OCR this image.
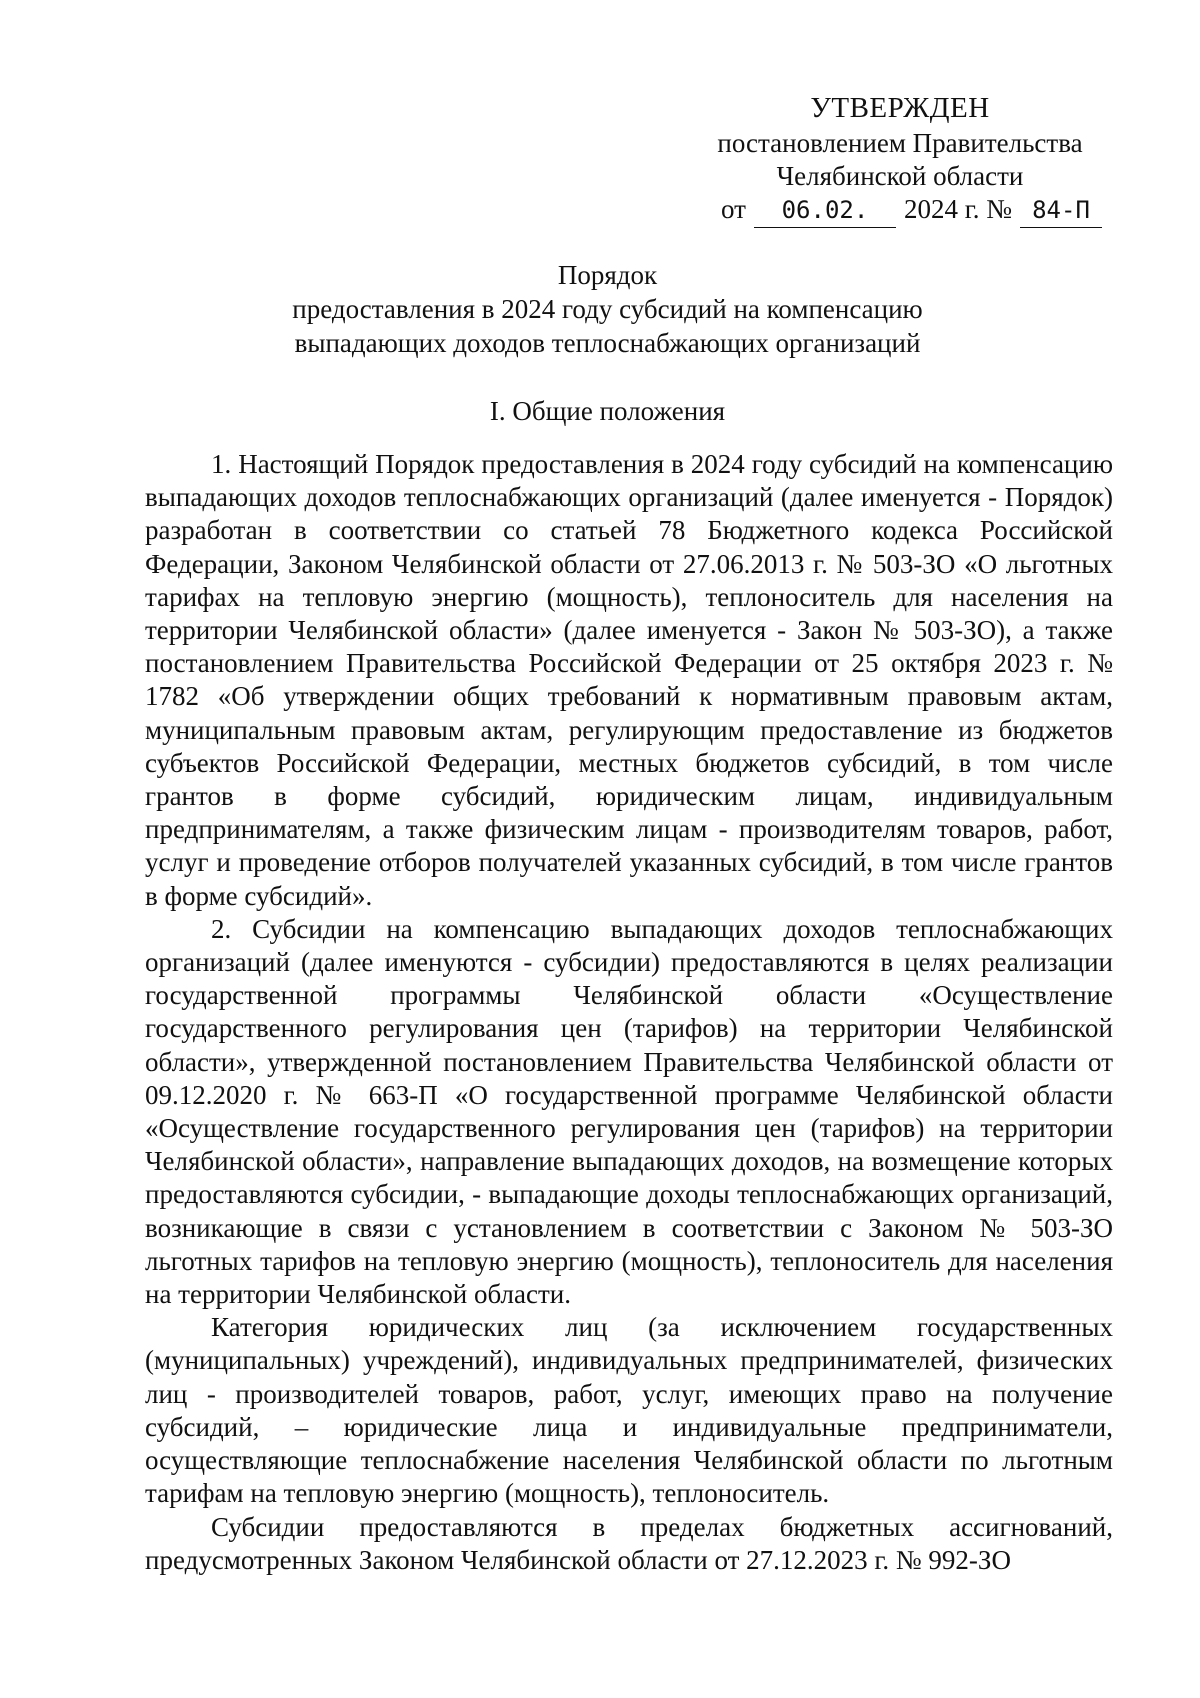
УТВЕРЖДЕН
постановлением Правительства
Челябинской области
от	06.02.	2024 г. № 84-П
Порядок
предоставления в 2024 году субсидий на компенсацию
выпадающих доходов теплоснабжающих организаций
I. Общие положения

1. Настоящий Порядок предоставления в 2024 году субсидий на компенсацию выпадающих доходов теплоснабжающих организаций (далее именуется - Порядок) разработан в соответствии со статьей 78 Бюджетного кодекса Российской Федерации, Законом Челябинской области от 27.06.2013 г. № 503-ЗО «О льготных тарифах на тепловую энергию (мощность), теплоноситель для населения на территории Челябинской области» (далее именуется - Закон № 503-ЗО), а также постановлением Правительства Российской Федерации от 25 октября 2023 г. № 1782 «Об утверждении общих требований к нормативным правовым актам, муниципальным правовым актам, регулирующим предоставление из бюджетов субъектов Российской Федерации, местных бюджетов субсидий, в том числе грантов в форме субсидий, юридическим лицам, индивидуальным предпринимателям, а также физическим лицам - производителям товаров, работ, услуг и проведение отборов получателей указанных субсидий, в том числе грантов в форме субсидий».

2. Субсидии на компенсацию выпадающих доходов теплоснабжающих организаций (далее именуются - субсидии) предоставляются в целях реализации государственной программы Челябинской области «Осуществление государственного регулирования цен (тарифов) на территории Челябинской области», утвержденной постановлением Правительства Челябинской области от 09.12.2020 г. № 663-П «О государственной программе Челябинской области «Осуществление государственного регулирования цен (тарифов) на территории Челябинской области», направление выпадающих доходов, на возмещение которых предоставляются субсидии, - выпадающие доходы теплоснабжающих организаций, возникающие в связи с установлением в соответствии с Законом № 503-ЗО льготных тарифов на тепловую энергию (мощность), теплоноситель для населения на территории Челябинской области.

Категория юридических лиц (за исключением государственных (муниципальных) учреждений), индивидуальных предпринимателей, физических лиц - производителей товаров, работ, услуг, имеющих право на получение субсидий, – юридические лица и индивидуальные предприниматели, осуществляющие теплоснабжение населения Челябинской области по льготным тарифам на тепловую энергию (мощность), теплоноситель.

Субсидии предоставляются в пределах бюджетных ассигнований, предусмотренных Законом Челябинской области от 27.12.2023 г. № 992-ЗО
